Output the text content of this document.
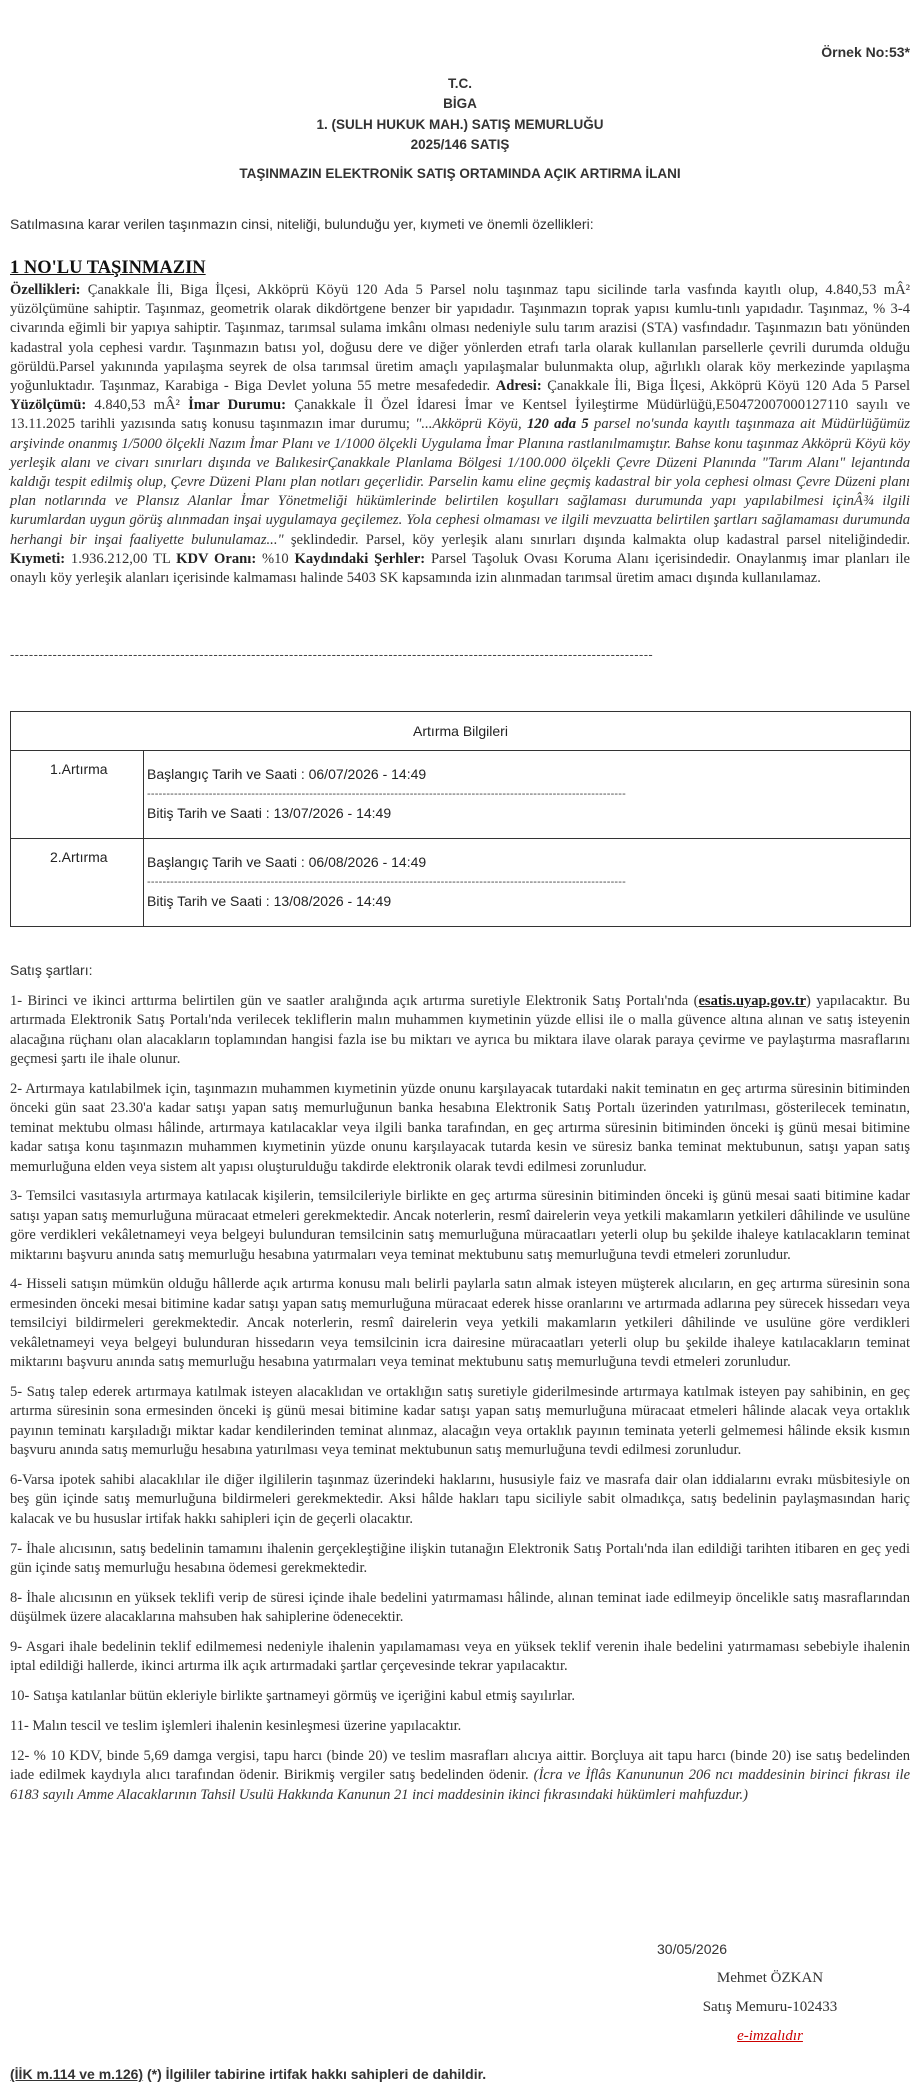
Örnek No:53*
T.C.
BİGA
1. (SULH HUKUK MAH.) SATIŞ MEMURLUĞU
2025/146 SATIŞ
TAŞINMAZIN ELEKTRONİK SATIŞ ORTAMINDA AÇIK ARTIRMA İLANI
Satılmasına karar verilen taşınmazın cinsi, niteliği, bulunduğu yer, kıymeti ve önemli özellikleri:
1 NO'LU TAŞINMAZIN
Özellikleri: Çanakkale İli, Biga İlçesi, Akköprü Köyü 120 Ada 5 Parsel nolu taşınmaz tapu sicilinde tarla vasfında kayıtlı olup, 4.840,53 mÂ² yüzölçümüne sahiptir. Taşınmaz, geometrik olarak dikdörtgene benzer bir yapıdadır. Taşınmazın toprak yapısı kumlu-tınlı yapıdadır. Taşınmaz, % 3-4 civarında eğimli bir yapıya sahiptir. Taşınmaz, tarımsal sulama imkânı olması nedeniyle sulu tarım arazisi (STA) vasfındadır. Taşınmazın batı yönünden kadastral yola cephesi vardır. Taşınmazın batısı yol, doğusu dere ve diğer yönlerden etrafı tarla olarak kullanılan parsellerle çevrili durumda olduğu görüldü.Parsel yakınında yapılaşma seyrek de olsa tarımsal üretim amaçlı yapılaşmalar bulunmakta olup, ağırlıklı olarak köy merkezinde yapılaşma yoğunluktadır. Taşınmaz, Karabiga - Biga Devlet yoluna 55 metre mesafededir. Adresi: Çanakkale İli, Biga İlçesi, Akköprü Köyü 120 Ada 5 Parsel Yüzölçümü: 4.840,53 mÂ² İmar Durumu: Çanakkale İl Özel İdaresi İmar ve Kentsel İyileştirme Müdürlüğü,E50472007000127110 sayılı ve 13.11.2025 tarihli yazısında satış konusu taşınmazın imar durumu; "...Akköprü Köyü, 120 ada 5 parsel no'sunda kayıtlı taşınmaza ait Müdürlüğümüz arşivinde onanmış 1/5000 ölçekli Nazım İmar Planı ve 1/1000 ölçekli Uygulama İmar Planına rastlanılmamıştır. Bahse konu taşınmaz Akköprü Köyü köy yerleşik alanı ve civarı sınırları dışında ve BalıkesirÇanakkale Planlama Bölgesi 1/100.000 ölçekli Çevre Düzeni Planında "Tarım Alanı" lejantında kaldığı tespit edilmiş olup, Çevre Düzeni Planı plan notları geçerlidir. Parselin kamu eline geçmiş kadastral bir yola cephesi olması Çevre Düzeni planı plan notlarında ve Plansız Alanlar İmar Yönetmeliği hükümlerinde belirtilen koşulları sağlaması durumunda yapı yapılabilmesi içinÂ¾ ilgili kurumlardan uygun görüş alınmadan inşai uygulamaya geçilemez. Yola cephesi olmaması ve ilgili mevzuatta belirtilen şartları sağlamaması durumunda herhangi bir inşai faaliyette bulunulamaz..." şeklindedir. Parsel, köy yerleşik alanı sınırları dışında kalmakta olup kadastral parsel niteliğindedir. Kıymeti: 1.936.212,00 TL KDV Oranı: %10 Kaydındaki Şerhler: Parsel Taşoluk Ovası Koruma Alanı içerisindedir. Onaylanmış imar planları ile onaylı köy yerleşik alanları içerisinde kalmaması halinde 5403 SK kapsamında izin alınmadan tarımsal üretim amacı dışında kullanılamaz.
----------------------------------------------------------------------------------------------------------------------------------------
Artırma Bilgileri	
1.Artırma	Başlangıç Tarih ve Saati : 06/07/2026 - 14:49
----------------------------------------------------------------------------------------------------------------------------
Bitiş Tarih ve Saati : 13/07/2026 - 14:49

2.Artırma	Başlangıç Tarih ve Saati : 06/08/2026 - 14:49
----------------------------------------------------------------------------------------------------------------------------
Bitiş Tarih ve Saati : 13/08/2026 - 14:49
Satış şartları:

1- Birinci ve ikinci arttırma belirtilen gün ve saatler aralığında açık artırma suretiyle Elektronik Satış Portalı'nda (esatis.uyap.gov.tr) yapılacaktır. Bu artırmada Elektronik Satış Portalı'nda verilecek tekliflerin malın muhammen kıymetinin yüzde ellisi ile o malla güvence altına alınan ve satış isteyenin alacağına rüçhanı olan alacakların toplamından hangisi fazla ise bu miktarı ve ayrıca bu miktara ilave olarak paraya çevirme ve paylaştırma masraflarını geçmesi şartı ile ihale olunur.

2- Artırmaya katılabilmek için, taşınmazın muhammen kıymetinin yüzde onunu karşılayacak tutardaki nakit teminatın en geç artırma süresinin bitiminden önceki gün saat 23.30'a kadar satışı yapan satış memurluğunun banka hesabına Elektronik Satış Portalı üzerinden yatırılması, gösterilecek teminatın, teminat mektubu olması hâlinde, artırmaya katılacaklar veya ilgili banka tarafından, en geç artırma süresinin bitiminden önceki iş günü mesai bitimine kadar satışa konu taşınmazın muhammen kıymetinin yüzde onunu karşılayacak tutarda kesin ve süresiz banka teminat mektubunun, satışı yapan satış memurluğuna elden veya sistem alt yapısı oluşturulduğu takdirde elektronik olarak tevdi edilmesi zorunludur.

3- Temsilci vasıtasıyla artırmaya katılacak kişilerin, temsilcileriyle birlikte en geç artırma süresinin bitiminden önceki iş günü mesai saati bitimine kadar satışı yapan satış memurluğuna müracaat etmeleri gerekmektedir. Ancak noterlerin, resmî dairelerin veya yetkili makamların yetkileri dâhilinde ve usulüne göre verdikleri vekâletnameyi veya belgeyi bulunduran temsilcinin satış memurluğuna müracaatları yeterli olup bu şekilde ihaleye katılacakların teminat miktarını başvuru anında satış memurluğu hesabına yatırmaları veya teminat mektubunu satış memurluğuna tevdi etmeleri zorunludur.

4- Hisseli satışın mümkün olduğu hâllerde açık artırma konusu malı belirli paylarla satın almak isteyen müşterek alıcıların, en geç artırma süresinin sona ermesinden önceki mesai bitimine kadar satışı yapan satış memurluğuna müracaat ederek hisse oranlarını ve artırmada adlarına pey sürecek hissedarı veya temsilciyi bildirmeleri gerekmektedir. Ancak noterlerin, resmî dairelerin veya yetkili makamların yetkileri dâhilinde ve usulüne göre verdikleri vekâletnameyi veya belgeyi bulunduran hissedarın veya temsilcinin icra dairesine müracaatları yeterli olup bu şekilde ihaleye katılacakların teminat miktarını başvuru anında satış memurluğu hesabına yatırmaları veya teminat mektubunu satış memurluğuna tevdi etmeleri zorunludur.

5- Satış talep ederek artırmaya katılmak isteyen alacaklıdan ve ortaklığın satış suretiyle giderilmesinde artırmaya katılmak isteyen pay sahibinin, en geç artırma süresinin sona ermesinden önceki iş günü mesai bitimine kadar satışı yapan satış memurluğuna müracaat etmeleri hâlinde alacak veya ortaklık payının teminatı karşıladığı miktar kadar kendilerinden teminat alınmaz, alacağın veya ortaklık payının teminata yeterli gelmemesi hâlinde eksik kısmın başvuru anında satış memurluğu hesabına yatırılması veya teminat mektubunun satış memurluğuna tevdi edilmesi zorunludur.

6-Varsa ipotek sahibi alacaklılar ile diğer ilgililerin taşınmaz üzerindeki haklarını, hususiyle faiz ve masrafa dair olan iddialarını evrakı müsbitesiyle on beş gün içinde satış memurluğuna bildirmeleri gerekmektedir. Aksi hâlde hakları tapu siciliyle sabit olmadıkça, satış bedelinin paylaşmasından hariç kalacak ve bu hususlar irtifak hakkı sahipleri için de geçerli olacaktır.

7- İhale alıcısının, satış bedelinin tamamını ihalenin gerçekleştiğine ilişkin tutanağın Elektronik Satış Portalı'nda ilan edildiği tarihten itibaren en geç yedi gün içinde satış memurluğu hesabına ödemesi gerekmektedir.

8- İhale alıcısının en yüksek teklifi verip de süresi içinde ihale bedelini yatırmaması hâlinde, alınan teminat iade edilmeyip öncelikle satış masraflarından düşülmek üzere alacaklarına mahsuben hak sahiplerine ödenecektir.

9- Asgari ihale bedelinin teklif edilmemesi nedeniyle ihalenin yapılamaması veya en yüksek teklif verenin ihale bedelini yatırmaması sebebiyle ihalenin iptal edildiği hallerde, ikinci artırma ilk açık artırmadaki şartlar çerçevesinde tekrar yapılacaktır.

10- Satışa katılanlar bütün ekleriyle birlikte şartnameyi görmüş ve içeriğini kabul etmiş sayılırlar.

11- Malın tescil ve teslim işlemleri ihalenin kesinleşmesi üzerine yapılacaktır.

12- % 10 KDV, binde 5,69 damga vergisi, tapu harcı (binde 20) ve teslim masrafları alıcıya aittir. Borçluya ait tapu harcı (binde 20) ise satış bedelinden iade edilmek kaydıyla alıcı tarafından ödenir. Birikmiş vergiler satış bedelinden ödenir. (İcra ve İflâs Kanununun 206 ncı maddesinin birinci fıkrası ile 6183 sayılı Amme Alacaklarının Tahsil Usulü Hakkında Kanunun 21 inci maddesinin ikinci fıkrasındaki hükümleri mahfuzdur.)

30/05/2026
Mehmet ÖZKAN
Satış Memuru-102433
e-imzalıdır
(İİK m.114 ve m.126) (*) İlgililer tabirine irtifak hakkı sahipleri de dahildir.
